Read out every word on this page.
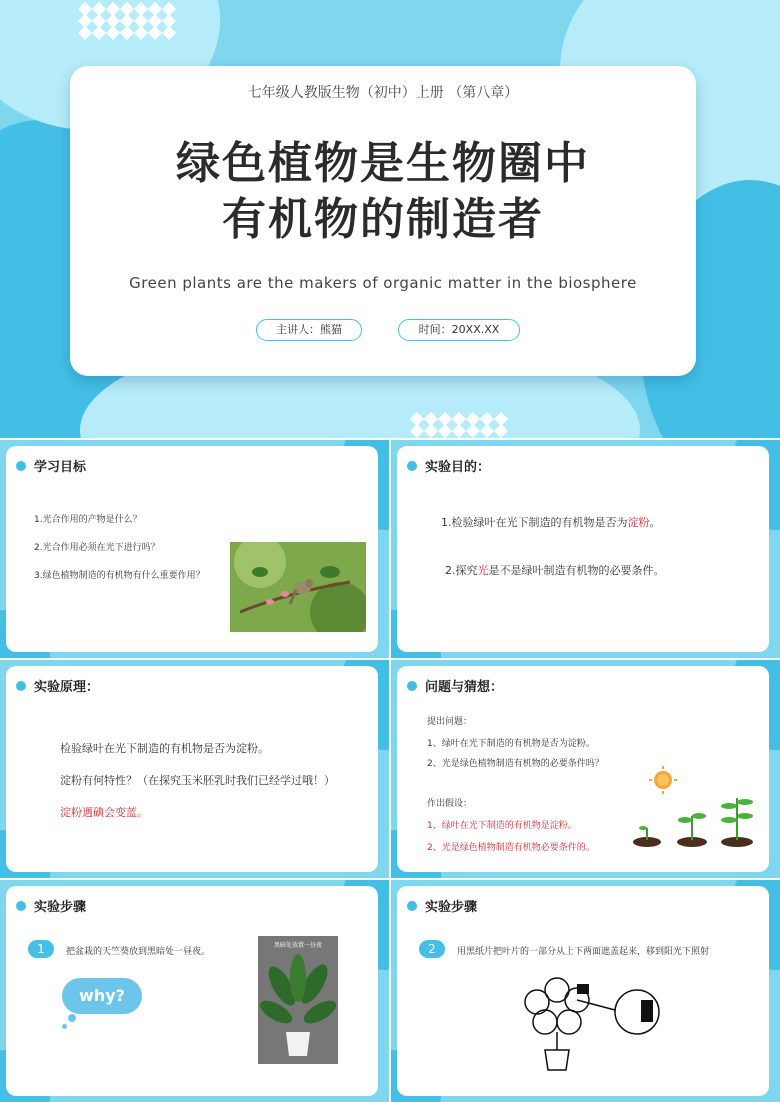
七年级人教版生物（初中）上册 （第八章）
绿色植物是生物圈中
有机物的制造者
Green plants are the makers of organic matter in the biosphere
主讲人：熊猫	时间：20XX.XX
学习目标
1.光合作用的产物是什么？
2.光合作用必须在光下进行吗？
3.绿色植物制造的有机物有什么重要作用？
实验目的：
1.检验绿叶在光下制造的有机物是否为淀粉。
2.探究光是不是绿叶制造有机物的必要条件。
实验原理：
检验绿叶在光下制造的有机物是否为淀粉。
淀粉有何特性？（在探究玉米胚乳时我们已经学过哦！）
淀粉遇碘会变蓝。
问题与猜想：
提出问题：
1、绿叶在光下制造的有机物是否为淀粉。
2、光是绿色植物制造有机物的必要条件吗？
作出假设：
1、绿叶在光下制造的有机物是淀粉。
2、光是绿色植物制造有机物必要条件的。
实验步骤
1	把盆栽的天竺葵放到黑暗处一昼夜。
why?
黑暗处放置一昼夜
实验步骤
2	用黑纸片把叶片的一部分从上下两面遮盖起来，移到阳光下照射
